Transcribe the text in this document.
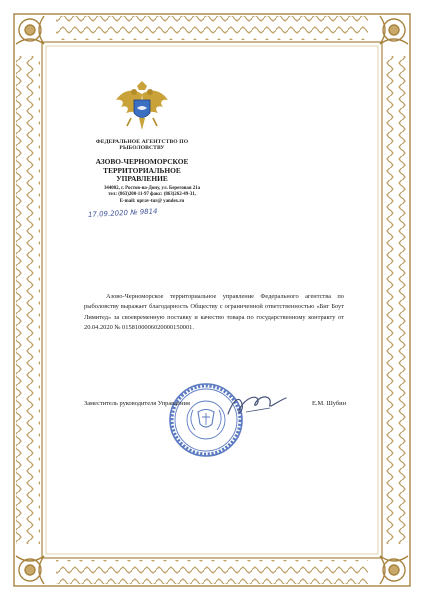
ФЕДЕРАЛЬНОЕ АГЕНТСТВО ПО РЫБОЛОВСТВУ
АЗОВО-ЧЕРНОМОРСКОЕ ТЕРРИТОРИАЛЬНОЕ УПРАВЛЕНИЕ
344002, г. Ростов-на-Дону, ул. Береговая 21а
тел: (863)200-11-97 факс: (863)262-49-31,
E-mail: uprav-tur@ yandex.ru
17.09.2020 № 9814
Азово-Черноморское территориальное управление Федерального агентства по рыболовству выражает благодарность Обществу с ограниченной ответственностью «Биг Боут Лимитед» за своевременную поставку и качество товара по государственному контракту от 20.04.2020 № 0158100006020000150001.
Заместитель руководителя Управления	Е.М. Шубин
